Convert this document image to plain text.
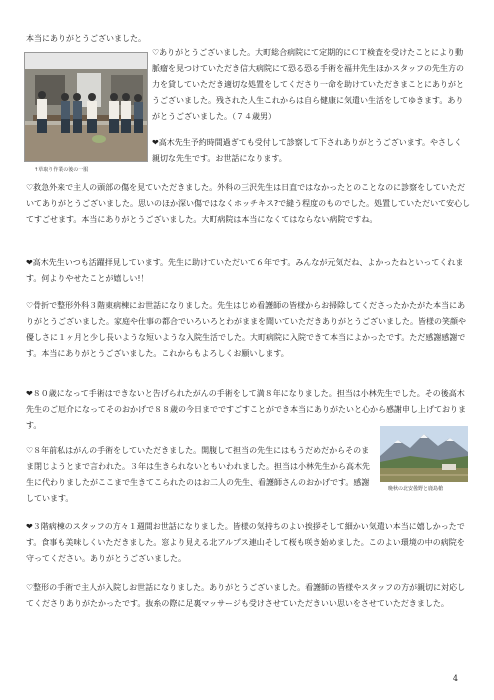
本当にありがとうございました。

♡ありがとうございました。大町総合病院にて定期的にＣＴ検査を受けたことにより動脈瘤を見つけていただき信大病院にて恐る恐る手術を福井先生ほかスタッフの先生方の力を貸していただき適切な処置をしてくださり一命を助けていただきまことにありがとうございました。残された人生これからは自ら健康に気遣い生活をしてゆきます。ありがとうございました。（７４歳男）

❤高木先生予約時間過ぎても受付して診察して下されありがとうございます。やさしく親切な先生です。お世話になります。

↑草取り作業の後の一服

♡救急外来で主人の頭部の傷を見ていただきました。外科の三沢先生は日直ではなかったとのことなのに診察をしていただいてありがとうございました。思いのほか深い傷ではなくホッチキス?で縫う程度のものでした。処置していただいて安心してすごせます。本当にありがとうございました。大町病院は本当になくてはならない病院ですね。

❤高木先生いつも活躍拝見しています。先生に助けていただいて６年です。みんなが元気だね、よかったねといってくれます。何よりやせたことが嬉しい!！

♡骨折で整形外科３階東病棟にお世話になりました。先生はじめ看護師の皆様からお掃除してくださったかたがた本当にありがとうございました。家庭や仕事の都合でいろいろとわがままを聞いていただきありがとうございました。皆様の笑顔や優しさに１ヶ月と少し長いような短いような入院生活でした。大町病院に入院できて本当によかったです。ただ感謝感謝です。本当にありがとうございました。これからもよろしくお願いします。

❤８０歳になって手術はできないと告げられたがんの手術をして満８年になりました。担当は小林先生でした。その後高木先生のご厄介になってそのおかげで８８歳の今日までですごすことができ本当にありがたいと心から感謝申し上げております。

♡８年前私はがんの手術をしていただきました。開腹して担当の先生にはもうだめだからそのまま閉じようとまで言われた。３年は生きられないともいわれました。担当は小林先生から高木先生に代わりましたがここまで生きてこられたのはお二人の先生、看護師さんのおかげです。感謝しています。

晩秋の北安曇野と鹿島槍

❤３階病棟のスタッフの方々１週間お世話になりました。皆様の気持ちのよい挨拶そして細かい気遣い本当に嬉しかったです。食事も美味しくいただきました。窓より見える北アルプス連山そして桜も咲き始めました。このよい環境の中の病院を守ってください。ありがとうございました。

♡整形の手術で主人が入院しお世話になりました。ありがとうございました。看護師の皆様やスタッフの方が親切に対応してくださりありがたかったです。抜糸の際に足裏マッサージも受けさせていただきいい思いをさせていただきました。

4
